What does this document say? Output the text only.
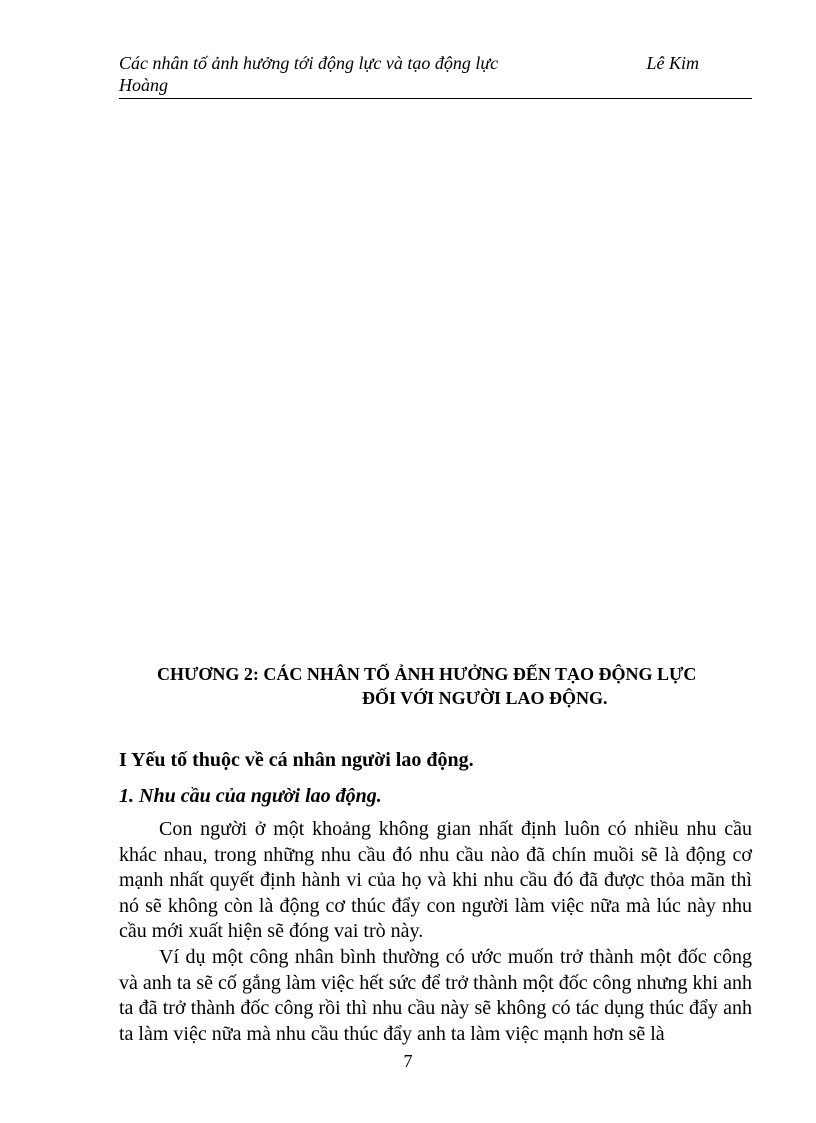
Các nhân tố ảnh hưởng tới động lực và tạo động lực	Lê Kim
Hoàng
CHƯƠNG 2: CÁC NHÂN TỐ ẢNH HƯỞNG ĐẾN TẠO ĐỘNG LỰC
ĐỐI VỚI NGƯỜI LAO ĐỘNG.
I Yếu tố thuộc về cá nhân người lao động.
1. Nhu cầu của người lao động.

Con người ở một khoảng không gian nhất định luôn có nhiều nhu cầu khác nhau, trong những nhu cầu đó nhu cầu nào đã chín muồi sẽ là động cơ mạnh nhất quyết định hành vi của họ và khi nhu cầu đó đã được thỏa mãn thì nó sẽ không còn là động cơ thúc đẩy con người làm việc nữa mà lúc này nhu cầu mới xuất hiện sẽ đóng vai trò này.

Ví dụ một công nhân bình thường có ước muốn trở thành một đốc công và anh ta sẽ cố gắng làm việc hết sức để trở thành một đốc công nhưng khi anh ta đã trở thành đốc công rồi thì nhu cầu này sẽ không có tác dụng thúc đẩy anh ta làm việc nữa mà nhu cầu thúc đẩy anh ta làm việc mạnh hơn sẽ là

7
